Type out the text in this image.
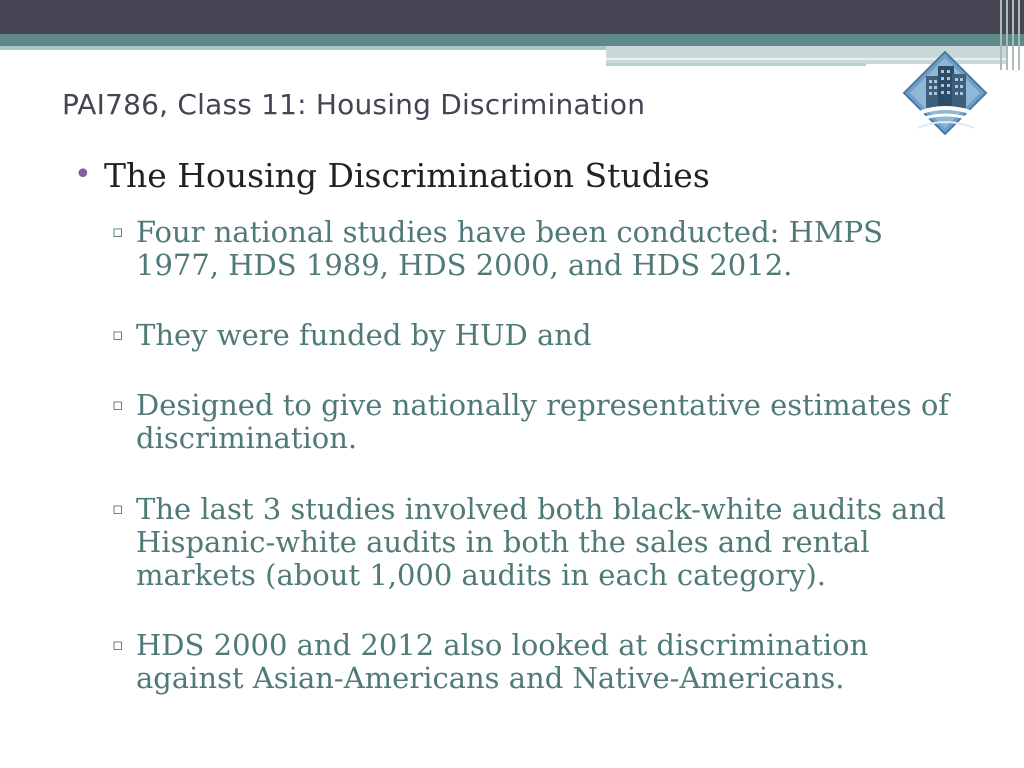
PAI786, Class 11: Housing Discrimination
• The Housing Discrimination Studies
▫ Four national studies have been conducted: HMPS 1977, HDS 1989, HDS 2000, and HDS 2012.
▫ They were funded by HUD and
▫ Designed to give nationally representative estimates of discrimination.
▫ The last 3 studies involved both black-white audits and Hispanic-white audits in both the sales and rental markets (about 1,000 audits in each category).
▫ HDS 2000 and 2012 also looked at discrimination against Asian-Americans and Native-Americans.
